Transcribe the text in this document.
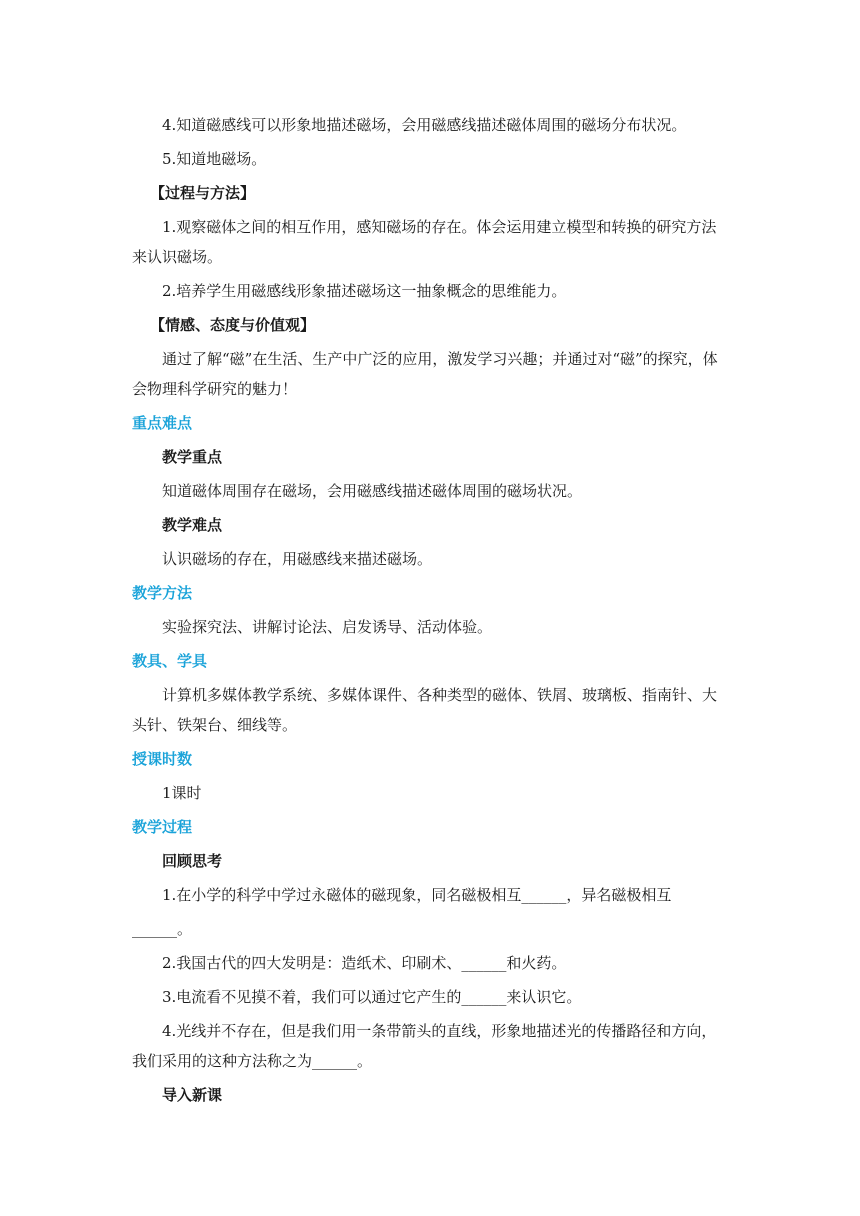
4.知道磁感线可以形象地描述磁场，会用磁感线描述磁体周围的磁场分布状况。

5.知道地磁场。

【过程与方法】

1.观察磁体之间的相互作用，感知磁场的存在。体会运用建立模型和转换的研究方法来认识磁场。

2.培养学生用磁感线形象描述磁场这一抽象概念的思维能力。

【情感、态度与价值观】

通过了解“磁”在生活、生产中广泛的应用，激发学习兴趣；并通过对“磁”的探究，体会物理科学研究的魅力！

重点难点

教学重点

知道磁体周围存在磁场，会用磁感线描述磁体周围的磁场状况。

教学难点

认识磁场的存在，用磁感线来描述磁场。

教学方法

实验探究法、讲解讨论法、启发诱导、活动体验。

教具、学具

计算机多媒体教学系统、多媒体课件、各种类型的磁体、铁屑、玻璃板、指南针、大头针、铁架台、细线等。

授课时数

1课时

教学过程

回顾思考

1.在小学的科学中学过永磁体的磁现象，同名磁极相互______，异名磁极相互______。

2.我国古代的四大发明是：造纸术、印刷术、______和火药。

3.电流看不见摸不着，我们可以通过它产生的______来认识它。

4.光线并不存在，但是我们用一条带箭头的直线，形象地描述光的传播路径和方向，我们采用的这种方法称之为______。

导入新课
